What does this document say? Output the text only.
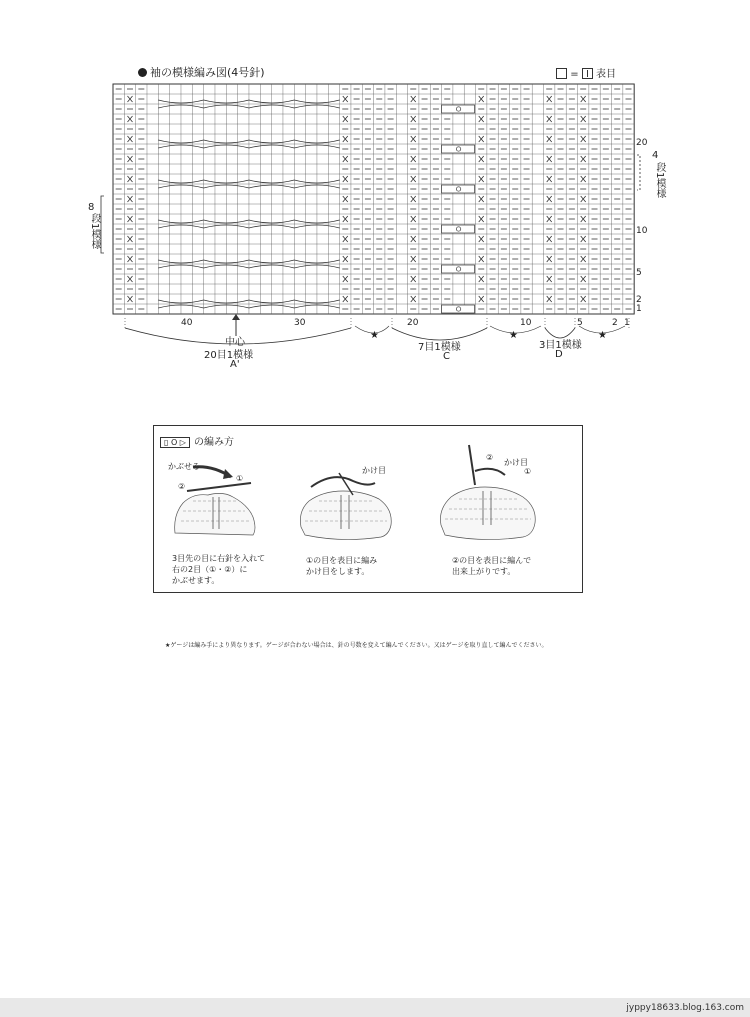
袖の模様編み図(4号針)	= 表目
20
10
5
2
1
4
段1模様
8
段1模様
40	30	20	10	5	2 1
中心
20目1模様
A'
★
7目1模様
C
★
3目1模様
D
★
▯ O ▷ の編み方
かぶせる
②
①
かけ目
②
かけ目
①
3目先の目に右針を入れて
右の2目（①・②）に
かぶせます。
①の目を表目に編み
かけ目をします。
②の目を表目に編んで
出来上がりです。
★ゲージは編み手により異なります。ゲージが合わない場合は、針の号数を変えて編んでください。又はゲージを取り直して編んでください。
jyppy18633.blog.163.com
